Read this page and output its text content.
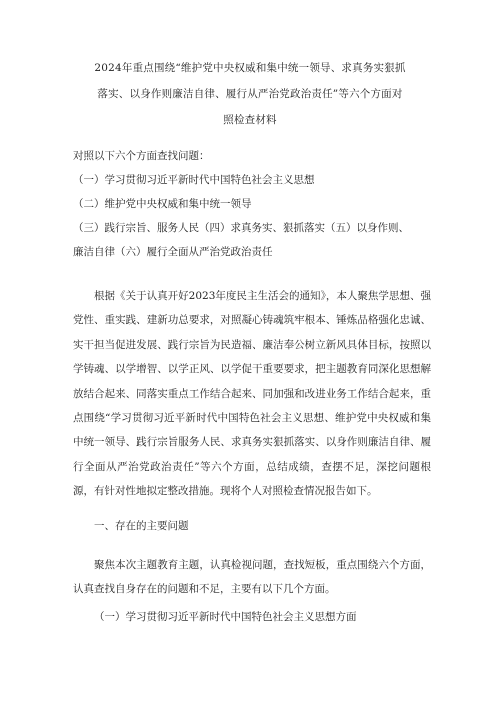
2024年重点围绕“维护党中央权威和集中统一领导、求真务实狠抓
落实、以身作则廉洁自律、履行从严治党政治责任”等六个方面对
照检查材料
对照以下六个方面查找问题：
（一）学习贯彻习近平新时代中国特色社会主义思想
（二）维护党中央权威和集中统一领导
（三）践行宗旨、服务人民（四）求真务实、狠抓落实（五）以身作则、
廉洁自律（六）履行全面从严治党政治责任
根据《关于认真开好2023年度民主生活会的通知》，本人聚焦学思想、强党性、重实践、建新功总要求，对照凝心铸魂筑牢根本、锤炼品格强化忠诚、实干担当促进发展、践行宗旨为民造福、廉洁奉公树立新风具体目标，按照以学铸魂、以学增智、以学正风、以学促干重要要求，把主题教育同深化思想解放结合起来、同落实重点工作结合起来、同加强和改进业务工作结合起来，重点围绕“学习贯彻习近平新时代中国特色社会主义思想、维护党中央权威和集中统一领导、践行宗旨服务人民、求真务实狠抓落实、以身作则廉洁自律、履行全面从严治党政治责任”等六个方面，总结成绩，查摆不足，深挖问题根源，有针对性地拟定整改措施。现将个人对照检查情况报告如下。
一、存在的主要问题
聚焦本次主题教育主题，认真检视问题，查找短板，重点围绕六个方面，认真查找自身存在的问题和不足，主要有以下几个方面。
（一）学习贯彻习近平新时代中国特色社会主义思想方面
